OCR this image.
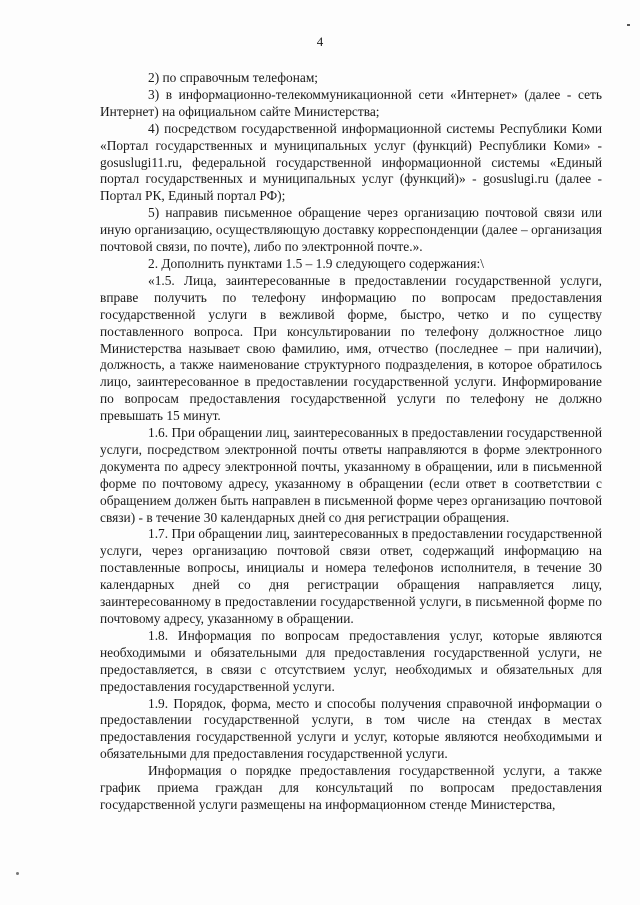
4

2) по справочным телефонам;

3) в информационно-телекоммуникационной сети «Интернет» (далее - сеть Интернет) на официальном сайте Министерства;

4) посредством государственной информационной системы Республики Коми «Портал государственных и муниципальных услуг (функций) Республики Коми» - gosuslugi11.ru, федеральной государственной информационной системы «Единый портал государственных и муниципальных услуг (функций)» - gosuslugi.ru (далее - Портал РК, Единый портал РФ);

5) направив письменное обращение через организацию почтовой связи или иную организацию, осуществляющую доставку корреспонденции (далее – организация почтовой связи, по почте), либо по электронной почте.».

2. Дополнить пунктами 1.5 – 1.9 следующего содержания:\

«1.5. Лица, заинтересованные в предоставлении государственной услуги, вправе получить по телефону информацию по вопросам предоставления государственной услуги в вежливой форме, быстро, четко и по существу поставленного вопроса. При консультировании по телефону должностное лицо Министерства называет свою фамилию, имя, отчество (последнее – при наличии), должность, а также наименование структурного подразделения, в которое обратилось лицо, заинтересованное в предоставлении государственной услуги. Информирование по вопросам предоставления государственной услуги по телефону не должно превышать 15 минут.

1.6. При обращении лиц, заинтересованных в предоставлении государственной услуги, посредством электронной почты ответы направляются в форме электронного документа по адресу электронной почты, указанному в обращении, или в письменной форме по почтовому адресу, указанному в обращении (если ответ в соответствии с обращением должен быть направлен в письменной форме через организацию почтовой связи) - в течение 30 календарных дней со дня регистрации обращения.

1.7. При обращении лиц, заинтересованных в предоставлении государственной услуги, через организацию почтовой связи ответ, содержащий информацию на поставленные вопросы, инициалы и номера телефонов исполнителя, в течение 30 календарных дней со дня регистрации обращения направляется лицу, заинтересованному в предоставлении государственной услуги, в письменной форме по почтовому адресу, указанному в обращении.

1.8. Информация по вопросам предоставления услуг, которые являются необходимыми и обязательными для предоставления государственной услуги, не предоставляется, в связи с отсутствием услуг, необходимых и обязательных для предоставления государственной услуги.

1.9. Порядок, форма, место и способы получения справочной информации о предоставлении государственной услуги, в том числе на стендах в местах предоставления государственной услуги и услуг, которые являются необходимыми и обязательными для предоставления государственной услуги.

Информация о порядке предоставления государственной услуги, а также график приема граждан для консультаций по вопросам предоставления государственной услуги размещены на информационном стенде Министерства,
